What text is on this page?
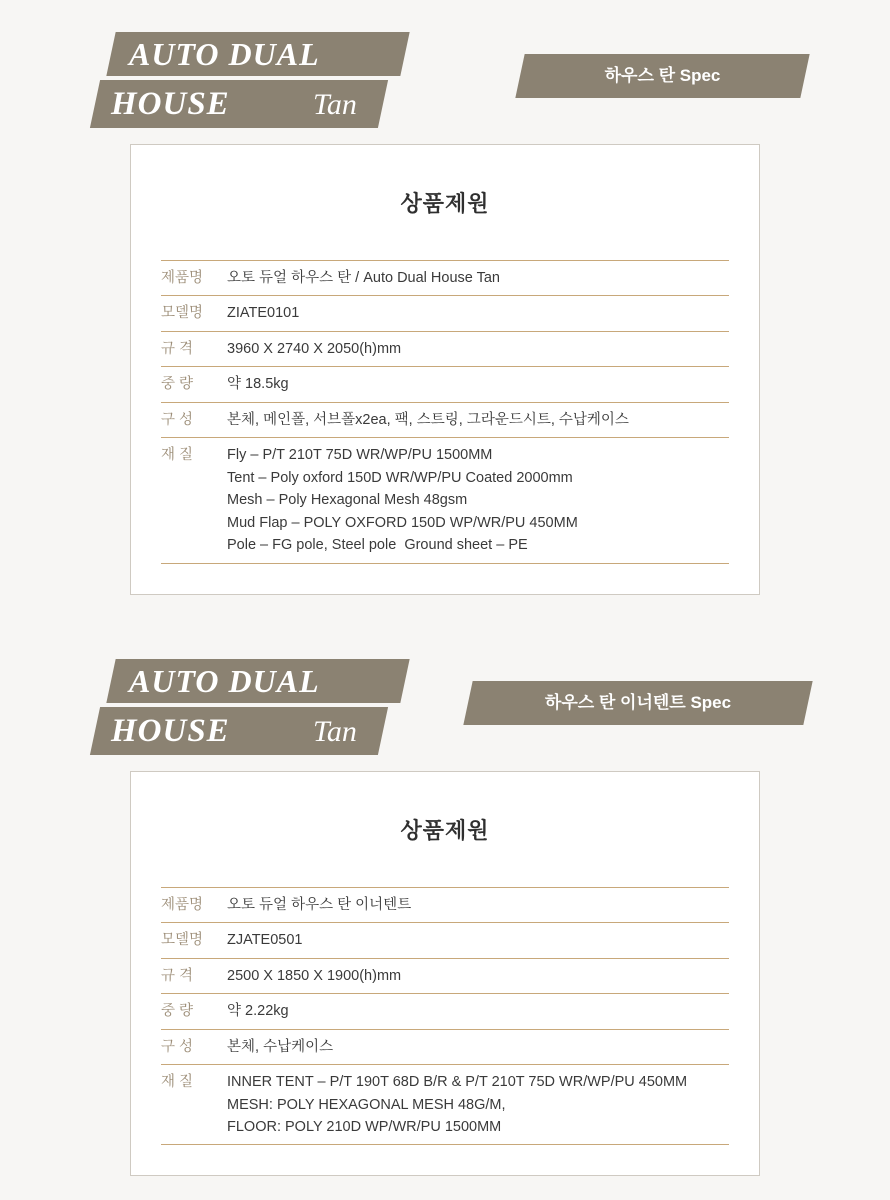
AUTO DUAL
HOUSE	Tan
하우스 탄 Spec
상품제원
제품명	오토 듀얼 하우스 탄 / Auto Dual House Tan

모델명	ZIATE0101

규 격	3960 X 2740 X 2050(h)mm

중 량	약 18.5kg

구 성	본체, 메인폴, 서브폴x2ea, 팩, 스트링, 그라운드시트, 수납케이스

재 질	Fly – P/T 210T 75D WR/WP/PU 1500MM
Tent – Poly oxford 150D WR/WP/PU Coated 2000mm
Mesh – Poly Hexagonal Mesh 48gsm
Mud Flap – POLY OXFORD 150D WP/WR/PU 450MM
Pole – FG pole, Steel pole  Ground sheet – PE
AUTO DUAL
HOUSE	Tan
하우스 탄 이너텐트 Spec
상품제원
제품명	오토 듀얼 하우스 탄 이너텐트

모델명	ZJATE0501

규 격	2500 X 1850 X 1900(h)mm

중 량	약 2.22kg

구 성	본체, 수납케이스

재 질	INNER TENT – P/T 190T 68D B/R & P/T 210T 75D WR/WP/PU 450MM
MESH: POLY HEXAGONAL MESH 48G/M,
FLOOR: POLY 210D WP/WR/PU 1500MM
